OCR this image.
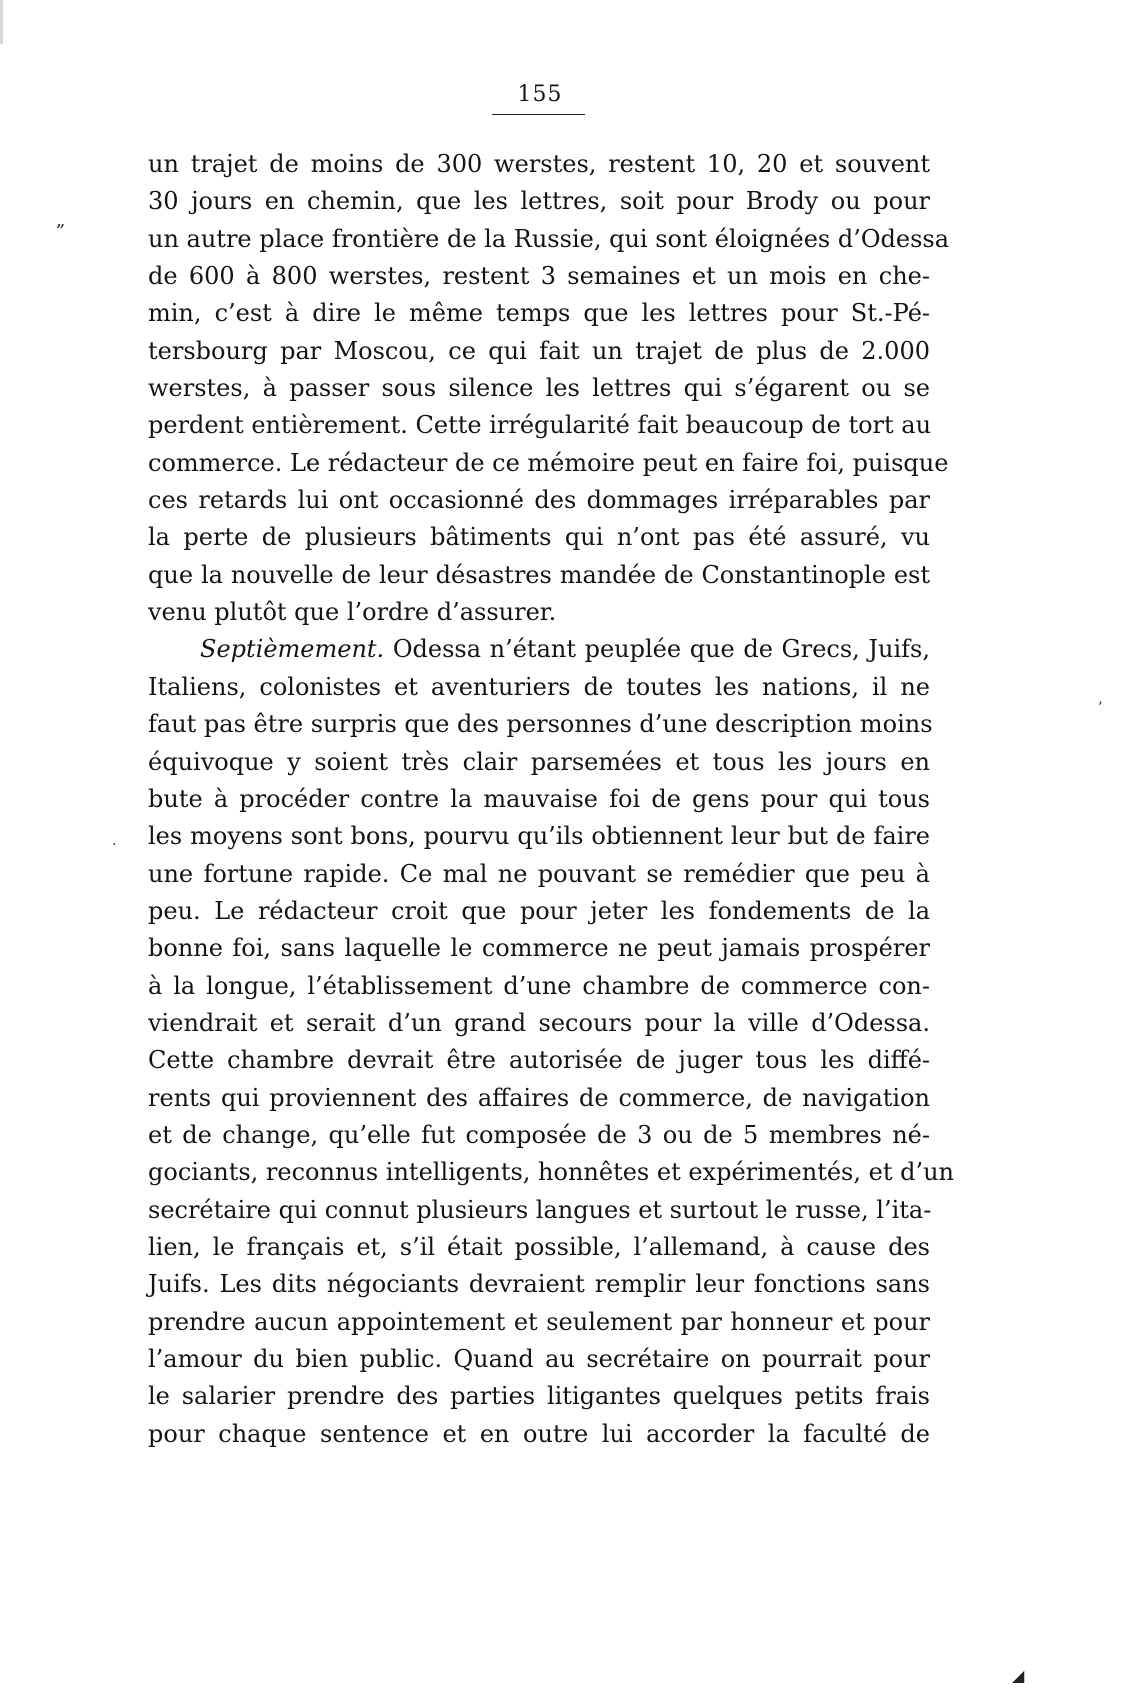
155
un trajet de moins de 300 werstes, restent 10, 20 et souvent
30 jours en chemin, que les lettres, soit pour Brody ou pour
un autre place frontière de la Russie, qui sont éloignées d’Odessa
de 600 à 800 werstes, restent 3 semaines et un mois en che-
min, c’est à dire le même temps que les lettres pour St.-Pé-
tersbourg par Moscou, ce qui fait un trajet de plus de 2.000
werstes, à passer sous silence les lettres qui s’égarent ou se
perdent entièrement. Cette irrégularité fait beaucoup de tort au
commerce. Le rédacteur de ce mémoire peut en faire foi, puisque
ces retards lui ont occasionné des dommages irréparables par
la perte de plusieurs bâtiments qui n’ont pas été assuré, vu
que la nouvelle de leur désastres mandée de Constantinople est
venu plutôt que l’ordre d’assurer.
Septièmement. Odessa n’étant peuplée que de Grecs, Juifs,
Italiens, colonistes et aventuriers de toutes les nations, il ne
faut pas être surpris que des personnes d’une description moins
équivoque y soient très clair parsemées et tous les jours en
bute à procéder contre la mauvaise foi de gens pour qui tous
les moyens sont bons, pourvu qu’ils obtiennent leur but de faire
une fortune rapide. Ce mal ne pouvant se remédier que peu à
peu. Le rédacteur croit que pour jeter les fondements de la
bonne foi, sans laquelle le commerce ne peut jamais prospérer
à la longue, l’établissement d’une chambre de commerce con-
viendrait et serait d’un grand secours pour la ville d’Odessa.
Cette chambre devrait être autorisée de juger tous les diffé-
rents qui proviennent des affaires de commerce, de navigation
et de change, qu’elle fut composée de 3 ou de 5 membres né-
gociants, reconnus intelligents, honnêtes et expérimentés, et d’un
secrétaire qui connut plusieurs langues et surtout le russe, l’ita-
lien, le français et, s’il était possible, l’allemand, à cause des
Juifs. Les dits négociants devraient remplir leur fonctions sans
prendre aucun appointement et seulement par honneur et pour
l’amour du bien public. Quand au secrétaire on pourrait pour
le salarier prendre des parties litigantes quelques petits frais
pour chaque sentence et en outre lui accorder la faculté de
„
’
·
◢
